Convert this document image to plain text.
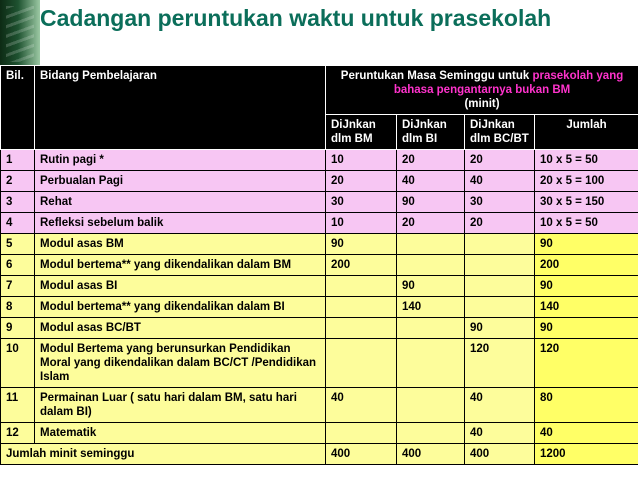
Cadangan peruntukan waktu untuk prasekolah
Bil.	Bidang Pembelajaran	Peruntukan Masa Seminggu untuk prasekolah yang bahasa pengantarnya bukan BM
(minit)			
		DiJnkan dlm BM	DiJnkan dlm BI	DiJnkan dlm BC/BT	Jumlah
1	Rutin pagi *	10	20	20	10 x 5 = 50
2	Perbualan Pagi	20	40	40	20 x 5 = 100
3	Rehat	30	90	30	30 x 5 = 150
4	Refleksi sebelum balik	10	20	20	10 x 5 = 50
5	Modul asas BM	90			90
6	Modul bertema** yang dikendalikan dalam BM	200			200
7	Modul asas BI		90		90
8	Modul bertema** yang dikendalikan dalam BI		140		140
9	Modul asas BC/BT			90	90
10	Modul Bertema yang berunsurkan Pendidikan Moral yang dikendalikan dalam BC/CT /Pendidikan Islam			120	120
11	Permainan Luar ( satu hari dalam BM, satu hari dalam BI)	40		40	80
12	Matematik			40	40
Jumlah minit seminggu		400	400	400	1200
